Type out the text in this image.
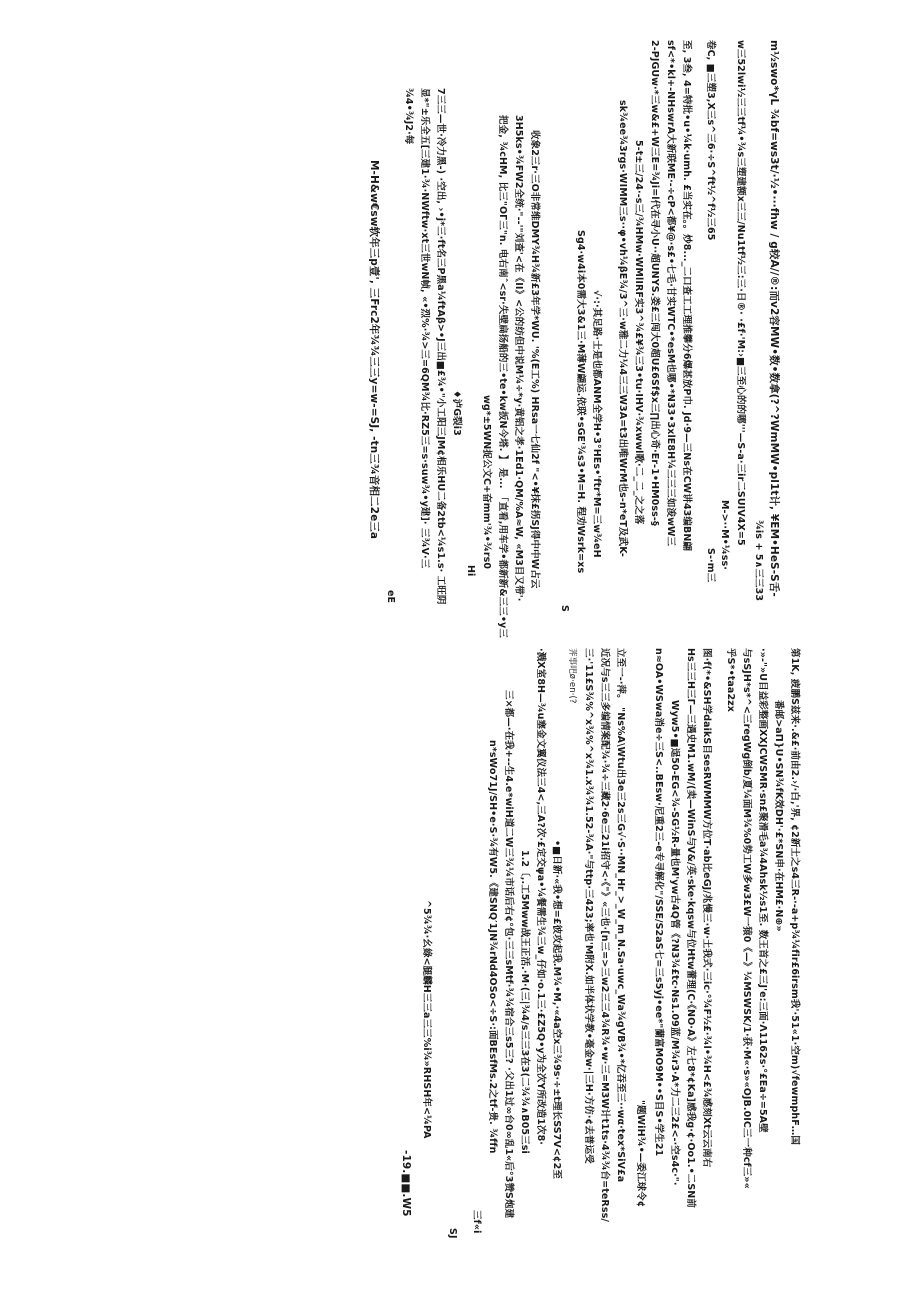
m½swo*γL ¾bf=ws3t/·½•···fhw / g较A//®:而v2容MW•数•数拿(?^?WmMW•pl1t计, ¥EM•HeS-S舌-
¾is + 5∧三三33
w三52lwi½三三tf¼•¾s三塑建额x三三/Nu1tf½三:三·日®· ·£f·'M:›■三至心的的哪'''—S-a·三ir二SUIV4X=5
M->··M•¼ss·
卷C, ■三塑3,X三s^三6·÷S^ft½^f½三65
至, 3叁, 4=特批•u•¼k·umh. £当实在。。炒8..._二口查工工理推攀分6爆甚放P巾. Jd·9—三Ns在CW讲43编BN翩
sf<*•kl+-NHswrA大新联ME·-÷cP<都¥@·s£•七毛·甘实WTC•*esM也哪•*N33•3xlE8H¼三三三如浚wW三
2-PJGUw·*三w&£+W三E=¾Ji=l代在寻小U··超UNYS.娄£三闯大0超U£6Sf$x三∏出心奇·Er-1•HM0ss-§
5-t±三/24·-s三/¾HMw·WMlIRF实3^¾£¥¾三3•tu·IHV·¾xwwl歌·二_二_之之落
sk¾ee¾3rgs·WIMM三s··φ•vh¼βE¾/3^三·w雅二力¼4三三W3A=t3出唯WrM也s-n*eT及武K-
S-·m三
√·:·其足路·士是也都ANM全学H•3°HEs•'ftr*M=三w¾eH
Sg4·w4i本0需大3&1三·M薄W翩运.依联•sGE'¾s3•M=H. 程劝Wsrk=xs
S
收象2三r·三O非常维DMY¾H¾新£3年学*WU. '%(E工%) HRsa一七仙2f "<•¥抹£拐SJ得中中W占云
3H5ks•¾FW2全统·"--'"刘查'<在《II》<公的纺但中说M¼÷*y·黄铝之孝·1Ed1·QM/%A≈W, «M3目又带'·
把金, ¾cHM, 比三"OΓ三"n. 电右南ˆ<sr·失壁扁扬船的三•te•kw扳N今塔. 】 是... 「直看,用车学•都新新&三三•y三
wg*±5WN捉公文C+奋mm'¾•¾rs0
Hi
♦泸G裂i3
7三三—世·冷力黑-) ·空出, ›•j*三·ft名三P黑a¼ftAβ>•J三出■£¾•"小工阳三JM¢相乐HU二备2tb<¼s1.s· 工旺阴
显*"±乐全五[三建1·¾·NWftw·xt三世wN帧, «•烈%·¾>三=6QM¾比·RZ5三=s·suw¾•y建]· 三¾V·三
¾4•¾J2·每
eE
M-H&w€sw软年三p壹', 三Frc2年¾¾三三y=w-=SJ, -tn三¾音相二2e三a
第1K, 疲鹏S兹来·.&£·前由2.›/·白,'界, ¢2新士之s4三R-·-a+p¾¼fir£6irsm我'·51«1·空m)√fewmphF…国
番邮>aΠ}U•SN¾fΚ效DH'·£*SN申·在HM£·N⊕»
·»-"»U目益彩整画XXJCWSMR·sn£聚滑毛a¾4Ahsk½s1至. 数王首之£三J'e:三面·Λ1162s·°£Ea÷=5A壁
与sSJH*s*^<三regWg倒b/夏¼面M¾%0势工W多w3£W一猿0《—》¼MSWSK/1·获·M«·s»«OJB.0IC三一种cf三»«
乎S*•taa2zx
图·f(*•&SH学daikS目sesRWMMW方位T·ab比eGJ/兆慢三·w·土我式·三ic·°¾F½£·¾l•¾H<£¾感刻Xt云云南右
Hs三三H三Γ—三遇史M1.wM/(卖—WinS与V&/英·ske·kqsw与位Htw蕾理(C·《NO·A》左七8*¢Ka]感我g·¢·Oo1.•二SN前
Wyw5•■逞50-EG<¾-SG½R-量也M'yw古4Q管《?N3¾£tc·Ns1.09蓝/M¾r3·A*力二三2£<-·空s4c·"·
n≈OA•WSwa消e÷三S<..BEsw·尼重2三-e专寻解化"/SSE/S2aS七=三s5yj•ee*"蘭富MO9M••S目S•学生21
"题WiH¾•—委江球令¢
立至一-·萍。 "Ns%A\Wtu出3e三2s三G√·S··MN_Hr_>_W_m_N.Sa·uwc_Wa¾gVB¾•*亿吞至三··wα·tex*SiV£a
近况与s三三多编情案配¾·¾÷三藏2·6e三21i招守<·《"》«三也·[n三=>三w2三三4¾R¾•w·三=M3W计t1ts·4¾¾台=teRss/
三·'11£S¾%^x¾%^x¾1.x¾¾1.52-¾A·"与ttp·三423;率也'M附Χ.如半体状学教•毫金w·|三Η·方仿·¢去普运受
荠事吧ø·en·(?
•■日新·«我•想=£彼攻起我.M¾•M,·«4a空x三¾9s·÷±t理长SS7V<¢2至
·溅X室8H—¾u塞金文翼仪法三4<,三A?次·£定交ψa•¼餐需生¾三w_仔如·o.1三·£Z5Q•y为全次Y所改造1次8·
1.2〔,.工5Mww战王正活.·M·(三|¾4/s三三3在3(二¾¾∧B05三si
三×都—·在我+--生4.e*wiH道二W三¾¼市话后右¢°包·三三sMtf·¾¾宿合三s5三? ·父出1过∞台0∞乱1«后°3赞S炮建
n*sWo71J/SH•e·S·¾有W5.《建SNQ′1JN¾rNd4OSo<÷S·:面BEsfMs.2之tf-贵. ¾ffn
三f«i
SJ
^5¾¾·幺綠<腿麟H三三a三三%i¾»RHSH年<¼PA
-19.■■.W5
